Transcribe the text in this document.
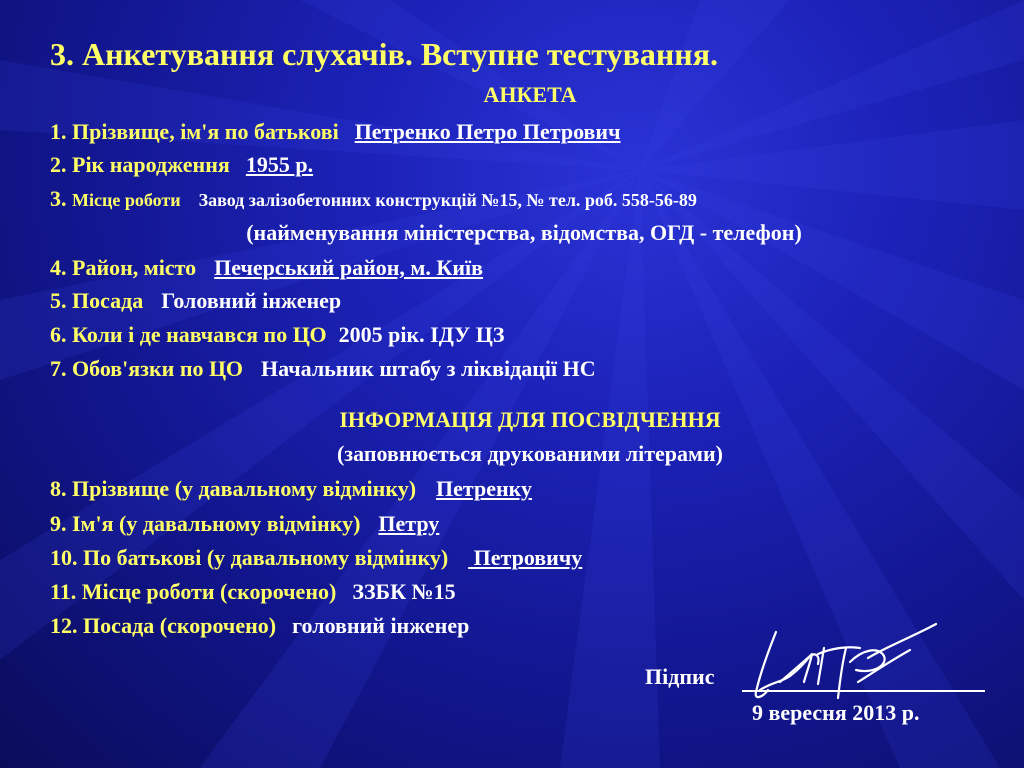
3. Анкетування слухачів. Вступне тестування.
АНКЕТА
1. Прізвище, ім'я по батькові Петренко Петро Петрович
2. Рік народження 1955 р.
3. Місце роботи Завод залізобетонних конструкцій №15, № тел. роб. 558-56-89
(найменування міністерства, відомства, ОГД - телефон)
4. Район, місто Печерський район, м. Київ
5. Посада Головний інженер
6. Коли і де навчався по ЦО 2005 рік. ІДУ ЦЗ
7. Обов'язки по ЦО Начальник штабу з ліквідації НС
ІНФОРМАЦІЯ ДЛЯ ПОСВІДЧЕННЯ
(заповнюється друкованими літерами)
8. Прізвище (у давальному відмінку) Петренку
9. Ім'я (у давальному відмінку) Петру
10. По батькові (у давальному відмінку) Петровичу
11. Місце роботи (скорочено) ЗЗБК №15
12. Посада (скорочено) головний інженер
Підпис
9 вересня 2013 р.
